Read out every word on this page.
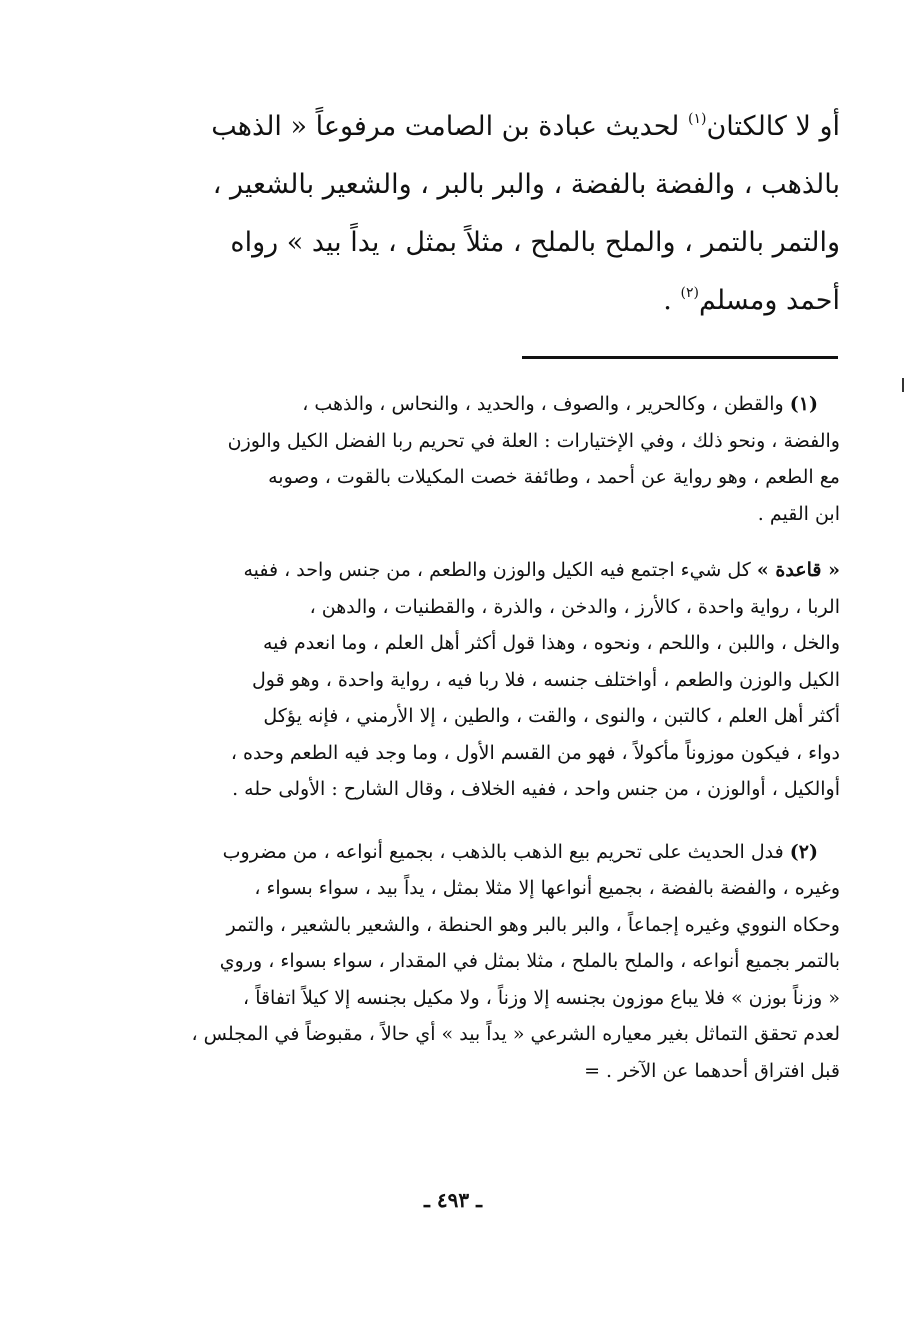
أو لا كالكتان$^{(١)}$ لحديث عبادة بن الصامت مرفوعاً « الذهب
بالذهب ، والفضة بالفضة ، والبر بالبر ، والشعير بالشعير ،
والتمر بالتمر ، والملح بالملح ، مثلاً بمثل ، يداً بيد » رواه
أحمد ومسلم$^{(٢)}$ .
(١) والقطن ، وكالحرير ، والصوف ، والحديد ، والنحاس ، والذهب ،
والفضة ، ونحو ذلك ، وفي الإختيارات : العلة في تحريم ربا الفضل الكيل والوزن
مع الطعم ، وهو رواية عن أحمد ، وطائفة خصت المكيلات بالقوت ، وصوبه
ابن القيم .
« قاعدة » كل شيء اجتمع فيه الكيل والوزن والطعم ، من جنس واحد ، ففيه
الربا ، رواية واحدة ، كالأرز ، والدخن ، والذرة ، والقطنيات ، والدهن ،
والخل ، واللبن ، واللحم ، ونحوه ، وهذا قول أكثر أهل العلم ، وما انعدم فيه
الكيل والوزن والطعم ، أواختلف جنسه ، فلا ربا فيه ، رواية واحدة ، وهو قول
أكثر أهل العلم ، كالتبن ، والنوى ، والقت ، والطين ، إلا الأرمني ، فإنه يؤكل
دواء ، فيكون موزوناً مأكولاً ، فهو من القسم الأول ، وما وجد فيه الطعم وحده ،
أوالكيل ، أوالوزن ، من جنس واحد ، ففيه الخلاف ، وقال الشارح : الأولى حله .
(٢) فدل الحديث على تحريم بيع الذهب بالذهب ، بجميع أنواعه ، من مضروب
وغيره ، والفضة بالفضة ، بجميع أنواعها إلا مثلا بمثل ، يداً بيد ، سواء بسواء ،
وحكاه النووي وغيره إجماعاً ، والبر بالبر وهو الحنطة ، والشعير بالشعير ، والتمر
بالتمر بجميع أنواعه ، والملح بالملح ، مثلا بمثل في المقدار ، سواء بسواء ، وروي
« وزناً بوزن » فلا يباع موزون بجنسه إلا وزناً ، ولا مكيل بجنسه إلا كيلاً اتفاقاً ،
لعدم تحقق التماثل بغير معياره الشرعي « يداً بيد » أي حالاً ، مقبوضاً في المجلس ،
قبل افتراق أحدهما عن الآخر . =
ـ ٤٩٣ ـ
